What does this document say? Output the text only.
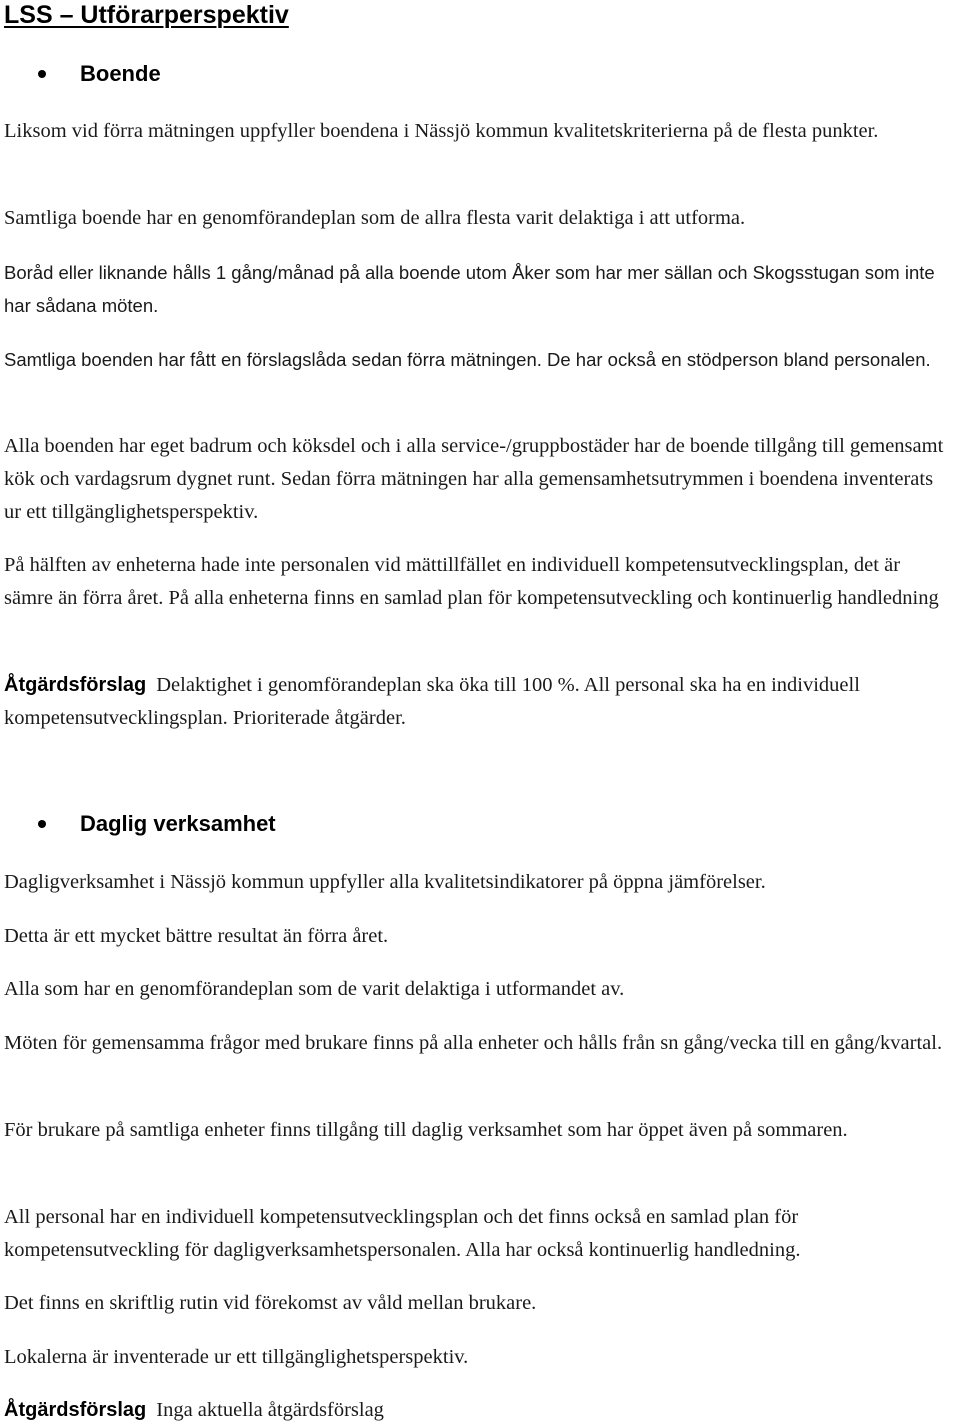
LSS – Utförarperspektiv
Boende

Liksom vid förra mätningen uppfyller boendena i Nässjö kommun kvalitetskriterierna på de flesta punkter.

Samtliga boende har en genomförandeplan som de allra flesta varit delaktiga i att utforma.

Boråd eller liknande hålls 1 gång/månad på alla boende utom Åker som har mer sällan och Skogsstugan som inte har sådana möten.

Samtliga boenden har fått en förslagslåda sedan förra mätningen. De har också en stödperson bland personalen.

Alla boenden har eget badrum och köksdel och i alla service-/gruppbostäder har de boende tillgång till gemensamt kök och vardagsrum dygnet runt. Sedan förra mätningen har alla gemensamhetsutrymmen i boendena inventerats ur ett tillgänglighetsperspektiv.

På hälften av enheterna hade inte personalen vid mättillfället en individuell kompetensutvecklingsplan, det är sämre än förra året. På alla enheterna finns en samlad plan för kompetensutveckling och kontinuerlig handledning

Åtgärdsförslag Delaktighet i genomförandeplan ska öka till 100 %. All personal ska ha en individuell kompetensutvecklingsplan. Prioriterade åtgärder.

Daglig verksamhet

Dagligverksamhet i Nässjö kommun uppfyller alla kvalitetsindikatorer på öppna jämförelser.

Detta är ett mycket bättre resultat än förra året.

Alla som har en genomförandeplan som de varit delaktiga i utformandet av.

Möten för gemensamma frågor med brukare finns på alla enheter och hålls från sn gång/vecka till en gång/kvartal.

För brukare på samtliga enheter finns tillgång till daglig verksamhet som har öppet även på sommaren.

All personal har en individuell kompetensutvecklingsplan och det finns också en samlad plan för kompetensutveckling för dagligverksamhetspersonalen. Alla har också kontinuerlig handledning.

Det finns en skriftlig rutin vid förekomst av våld mellan brukare.

Lokalerna är inventerade ur ett tillgänglighetsperspektiv.

Åtgärdsförslag Inga aktuella åtgärdsförslag
